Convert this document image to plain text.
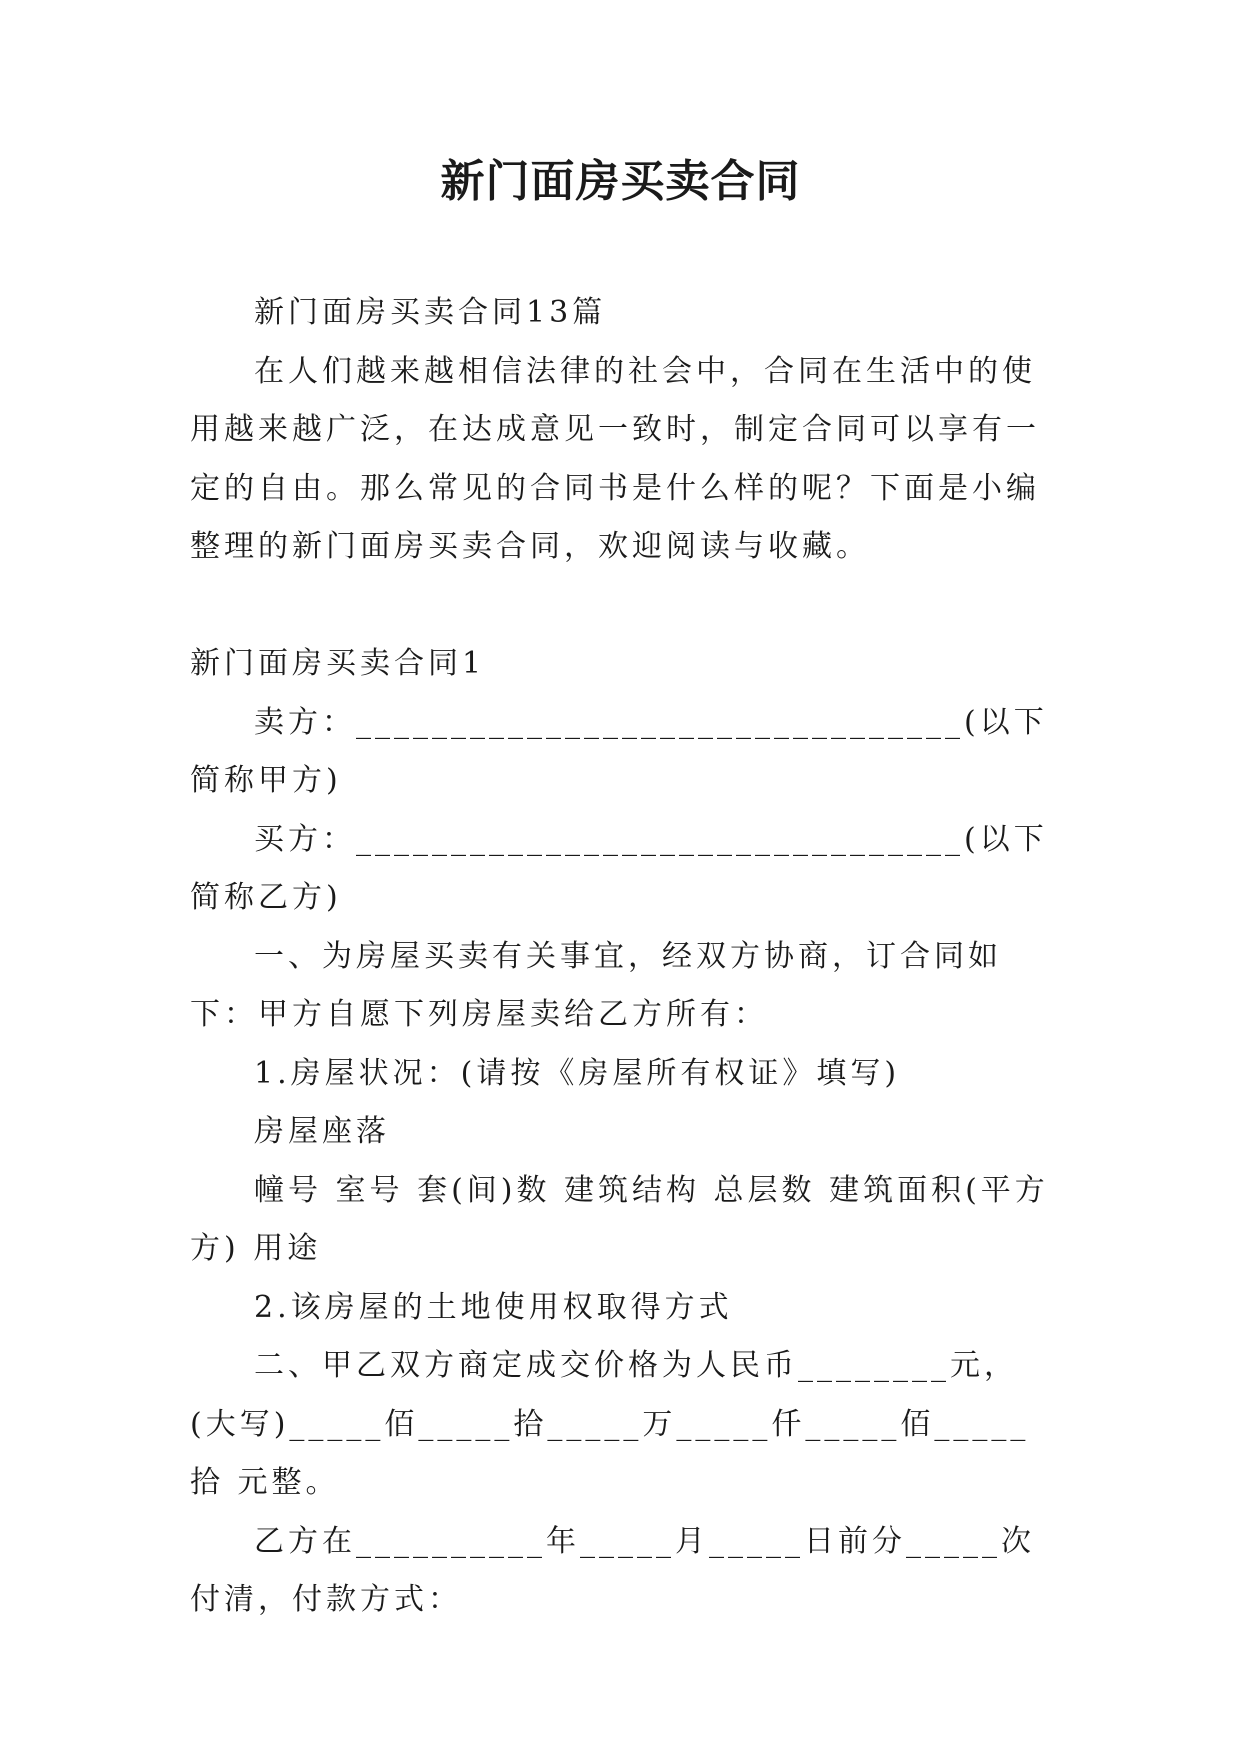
新门面房买卖合同

新门面房买卖合同13篇

在人们越来越相信法律的社会中，合同在生活中的使用越来越广泛，在达成意见一致时，制定合同可以享有一定的自由。那么常见的合同书是什么样的呢？下面是小编整理的新门面房买卖合同，欢迎阅读与收藏。

新门面房买卖合同1

卖方：________________________________(以下简称甲方)

买方：________________________________(以下简称乙方)

一、为房屋买卖有关事宜，经双方协商，订合同如下：甲方自愿下列房屋卖给乙方所有：

1.房屋状况：(请按《房屋所有权证》填写)

房屋座落

幢号 室号 套(间)数 建筑结构 总层数 建筑面积(平方方) 用途

2.该房屋的土地使用权取得方式

二、甲乙双方商定成交价格为人民币________元，(大写)_____佰_____拾_____万_____仟_____佰_____拾 元整。

乙方在__________年_____月_____日前分_____次付清，付款方式：
